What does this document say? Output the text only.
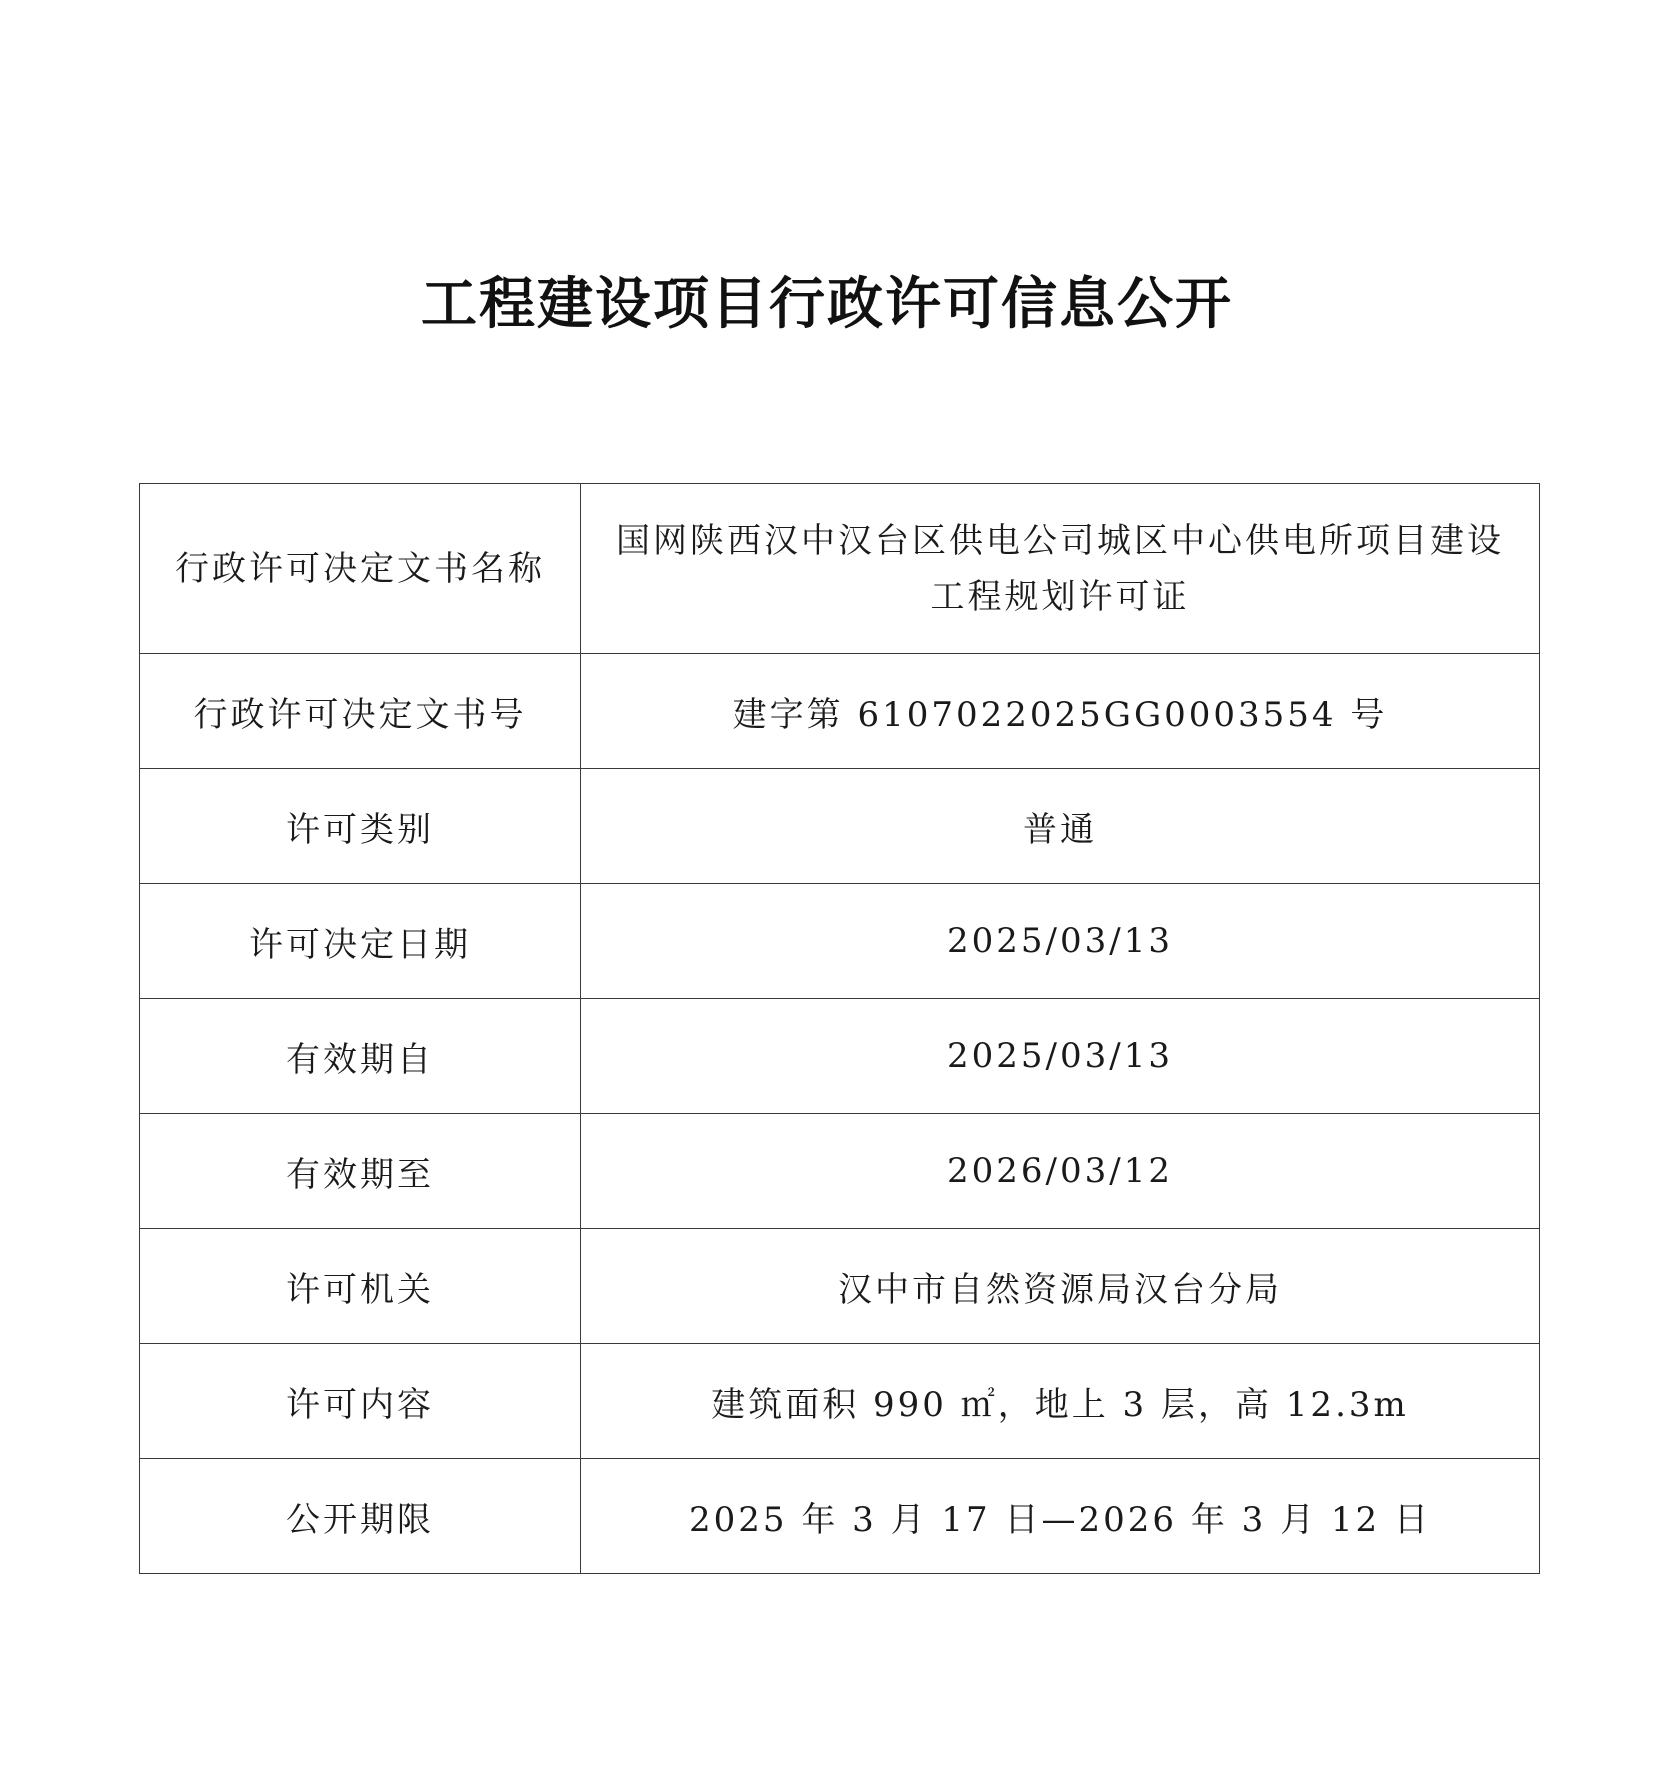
工程建设项目行政许可信息公开
行政许可决定文书名称	国网陕西汉中汉台区供电公司城区中心供电所项目建设工程规划许可证

行政许可决定文书号	建字第 6107022025GG0003554 号
许可类别	普通
许可决定日期	2025/03/13
有效期自	2025/03/13
有效期至	2026/03/12
许可机关	汉中市自然资源局汉台分局
许可内容	建筑面积 990 ㎡，地上 3 层，高 12.3m
公开期限	2025 年 3 月 17 日—2026 年 3 月 12 日
